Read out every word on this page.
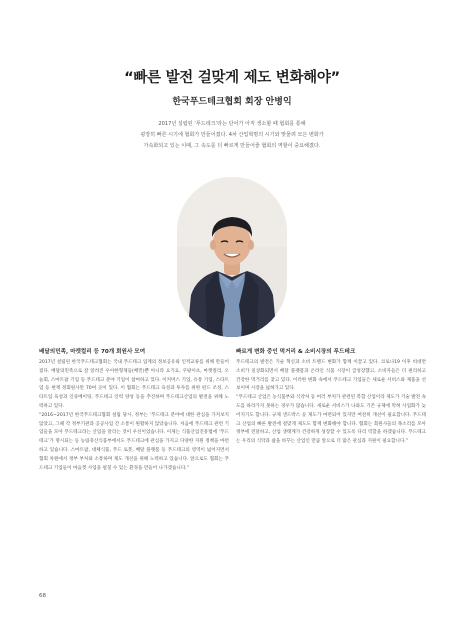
“빠른 발전 걸맞게 제도 변화해야”
한국푸드테크협회 회장 안병익
2017년 설립된 ‘푸드테크’라는 단어가 아직 생소할 때 협회를 통해
굉장히 빠른 시기에 협회가 만들어졌다. 4차 산업혁명의 시기와 맞물려 모든 변화가
가속화되고 있는 이때, 그 속도를 더 빠르게 만들어줄 협회의 역할이 중요해졌다.
배달의민족, 마켓컬리 등 70개 회원사 모여

2017년 설립된 한국푸드테크협회는 국내 푸드테크 업계의 정보공유와 인적교류를 위해 만들어졌다. 배달의민족으로 잘 알려진 우아한형제들(배민)뿐 아니라 요기요, 쿠팡이츠, 마켓컬리, 오늘회, 스마트팜 기업 등 푸드테크 분야 기업이 참여하고 있다. 이커머스 기업, 유통 기업, 스타트업 등 현재 정회원사만 70여 곳이 있다. 이 협회는 푸드테크 육성과 투자를 위한 펀드 조성, 스타트업 육성과 인큐베이팅, 푸드테크 인력 양성 등을 추진하며 푸드테크산업의 발전을 위해 노력하고 있다.

“2016~2017년 한국푸드테크협회 설립 당시, 정부는 ‘푸드테크 분야에 대한 관심을 가져보지 않았고, 그때 각 정부기관과 공공사업 간 소통이 원활하지 않았습니다. 처음에 푸드테크 관련 기업들을 모아 푸드테크라는 산업을 알리는 것이 우선이었습니다. 이제는 식품산업진흥법에 ‘푸드테크’가 명시되는 등 농림축산식품부에서도 푸드테크에 관심을 가지고 다양한 지원 정책을 마련하고 있습니다. 스마트팜, 대체식품, 푸드 로봇, 배달 플랫폼 등 푸드테크의 영역이 넓어지면서 협회 차원에서 정부 부처와 소통하며 제도 개선을 위해 노력하고 있습니다. 앞으로도 협회는 푸드테크 기업들이 마음껏 사업을 펼칠 수 있는 환경을 만들어 나가겠습니다.”

빠르게 변화 중인 먹거리 & 소비시장의 푸드테크

푸드테크의 발전은 기술 혁신과 소비 트렌드 변화가 함께 이끌고 있다. 코로나19 이후 비대면 소비가 일상화되면서 배달 플랫폼과 온라인 식품 시장이 급성장했고, 소비자들은 더 편리하고 건강한 먹거리를 찾고 있다. 이러한 변화 속에서 푸드테크 기업들은 새로운 서비스와 제품을 선보이며 시장을 넓혀가고 있다.

“푸드테크 산업은 농식품부와 식약처 등 여러 부처가 관련된 복합 산업이라 제도가 기술 발전 속도를 따라가지 못하는 경우가 많습니다. 새로운 서비스가 나와도 기존 규제에 막혀 사업화가 늦어지기도 합니다. 규제 샌드박스 등 제도가 마련되어 있지만 여전히 개선이 필요합니다. 푸드테크 산업의 빠른 발전에 걸맞게 제도도 함께 변화해야 합니다. 협회는 회원사들의 목소리를 모아 정부에 전달하고, 산업 생태계가 건강하게 성장할 수 있도록 다리 역할을 하겠습니다. 푸드테크는 우리의 식탁과 삶을 바꾸는 산업인 만큼 앞으로 더 많은 관심과 지원이 필요합니다.”

68
